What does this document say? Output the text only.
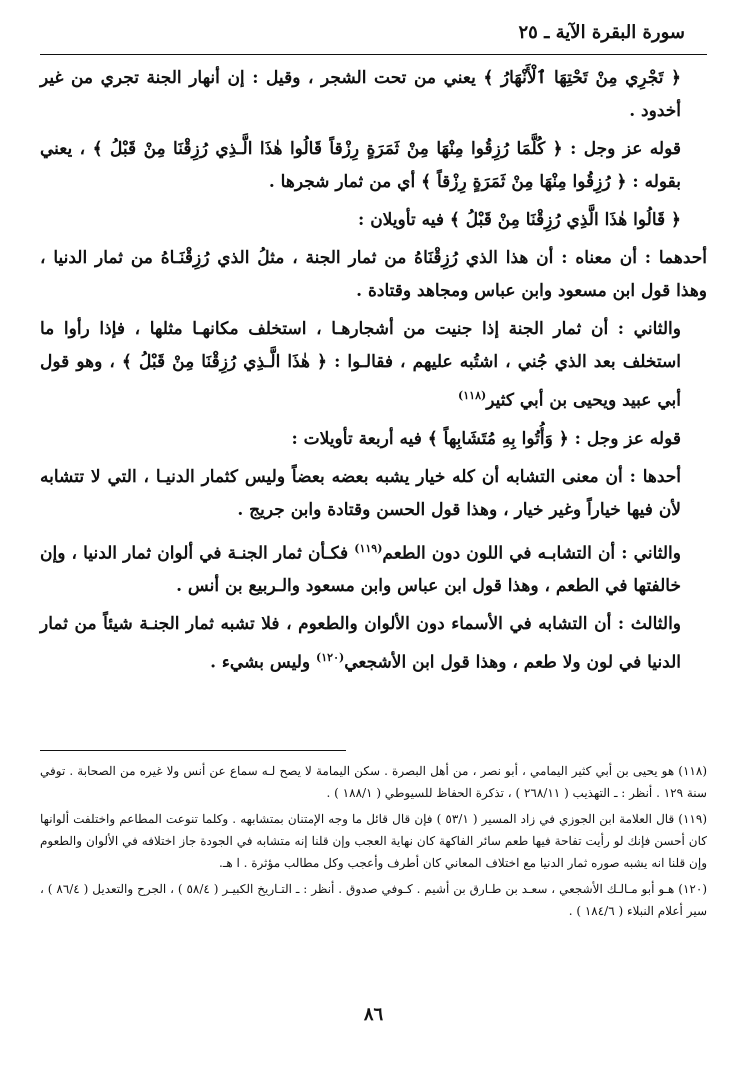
سورة البقرة الآية ـ ٢٥

﴿ تَجْرِي مِنْ تَحْتِهَا ٱلْأَنْهَارُ ﴾ يعني من تحت الشجر ، وقيل : إن أنهار الجنة تجري من غير أخدود .

قوله عز وجل : ﴿ كُلَّمَا رُزِقُوا مِنْهَا مِنْ ثَمَرَةٍ رِزْقاً قَالُوا هٰذَا الَّـذِي رُزِقْنَا مِنْ قَبْلُ ﴾ ، يعني بقوله : ﴿ رُزِقُوا مِنْهَا مِنْ ثَمَرَةٍ رِزْقاً ﴾ أي من ثمار شجرها .

﴿ قَالُوا هٰذَا الَّذِي رُزِقْنَا مِنْ قَبْلُ ﴾ فيه تأويلان :

أحدهما : أن معناه : أن هذا الذي رُزِقْنَاهُ من ثمار الجنة ، مثلُ الذي رُزِقْنَـاهُ من ثمار الدنيا ، وهذا قول ابن مسعود وابن عباس ومجاهد وقتادة .

والثاني : أن ثمار الجنة إذا جنيت من أشجارهـا ، استخلف مكانهـا مثلها ، فإذا رأوا ما استخلف بعد الذي جُني ، اشتُبه عليهم ، فقالـوا : ﴿ هٰذَا الَّـذِي رُزِقْنَا مِنْ قَبْلُ ﴾ ، وهو قول أبي عبيد ويحيى بن أبي كثير$^{(١١٨)}$

قوله عز وجل : ﴿ وَأُتُوا بِهِ مُتَشَابِهاً ﴾ فيه أربعة تأويلات :

أحدها : أن معنى التشابه أن كله خيار يشبه بعضه بعضاً وليس كثمار الدنيـا ، التي لا تتشابه لأن فيها خياراً وغير خيار ، وهذا قول الحسن وقتادة وابن جريج .

والثاني : أن التشابـه في اللون دون الطعم$^{(١١٩)}$ فكـأن ثمار الجنـة في ألوان ثمار الدنيا ، وإن خالفتها في الطعم ، وهذا قول ابن عباس وابن مسعود والـربيع بن أنس .

والثالث : أن التشابه في الأسماء دون الألوان والطعوم ، فلا تشبه ثمار الجنـة شيئاً من ثمار الدنيا في لون ولا طعم ، وهذا قول ابن الأشجعي$^{(١٢٠)}$ وليس بشيء .

(١١٨) هو يحيى بن أبي كثير اليمامي ، أبو نصر ، من أهل البصرة . سكن اليمامة لا يصح لـه سماع عن أنس ولا غيره من الصحابة . توفي سنة ١٢٩ . أنظر : ـ التهذيب ( ٢٦٨/١١ ) ، تذكرة الحفاظ للسيوطي ( ١٨٨/١ ) .

(١١٩) قال العلامة ابن الجوزي في زاد المسير ( ٥٣/١ ) فإن قال قائل ما وجه الإمتنان بمتشابهه . وكلما تنوعت المطاعم واختلفت ألوانها كان أحسن فإنك لو رأيت تفاحة فيها طعم سائر الفاكهة كان نهاية العجب وإن قلنا إنه متشابه في الجودة جاز اختلافه في الألوان والطعوم وإن قلنا انه يشبه صوره ثمار الدنيا مع اختلاف المعاني كان أطرف وأعجب وكل مطالب مؤثرة . ا هـ.

(١٢٠) هـو أبو مـالـك الأشجعي ، سعـد بن طـارق بن أشيم . كـوفي صدوق . أنظر : ـ التـاريخ الكبيـر ( ٥٨/٤ ) ، الجرح والتعديل ( ٨٦/٤ ) ، سير أعلام النبلاء ( ١٨٤/٦ ) .

٨٦
